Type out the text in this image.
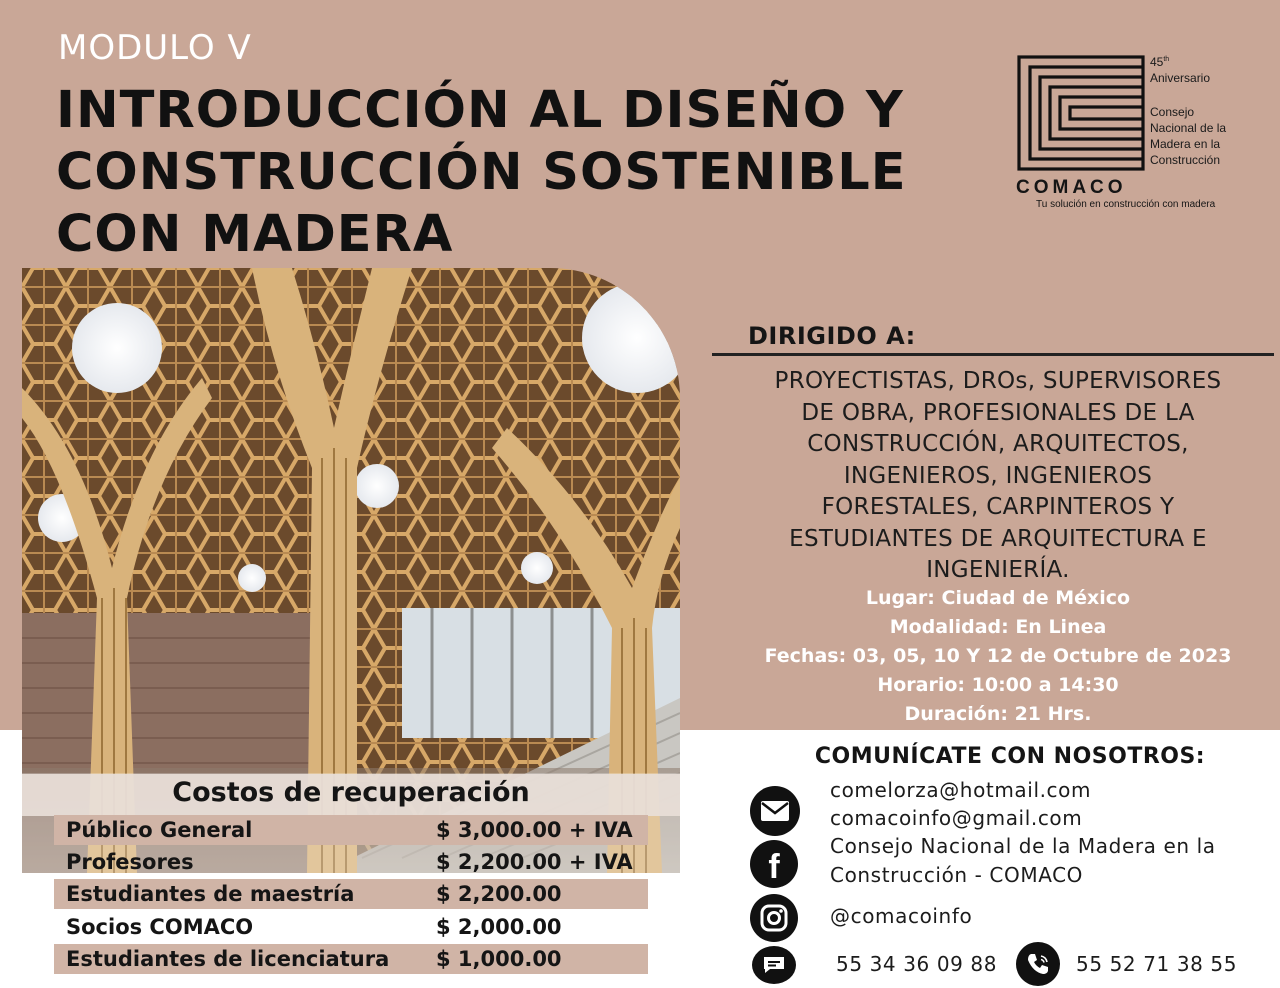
MODULO V
INTRODUCCIÓN AL DISEÑO Y
CONSTRUCCIÓN SOSTENIBLE
CON MADERA
45th
Aniversario
Consejo
Nacional de la
Madera en la
Construcción
COMACO
Tu solución en construcción con madera
DIRIGIDO A:
PROYECTISTAS, DROs, SUPERVISORES
DE OBRA, PROFESIONALES DE LA
CONSTRUCCIÓN, ARQUITECTOS,
INGENIEROS, INGENIEROS
FORESTALES, CARPINTEROS Y
ESTUDIANTES DE ARQUITECTURA E
INGENIERÍA.
Lugar: Ciudad de México
Modalidad: En Linea
Fechas: 03, 05, 10 Y 12 de Octubre de 2023
Horario: 10:00 a 14:30
Duración: 21 Hrs.
Costos de recuperación
Público General	$ 3,000.00 + IVA
Profesores	$ 2,200.00 + IVA
Estudiantes de maestría	$ 2,200.00
Socios COMACO	$ 2,000.00
Estudiantes de licenciatura $ 1,000.00
COMUNÍCATE CON NOSOTROS:
comelorza@hotmail.com
comacoinfo@gmail.com
f
Consejo Nacional de la Madera en la
Construcción - COMACO
@comacoinfo
55 34 36 09 88	55 52 71 38 55
